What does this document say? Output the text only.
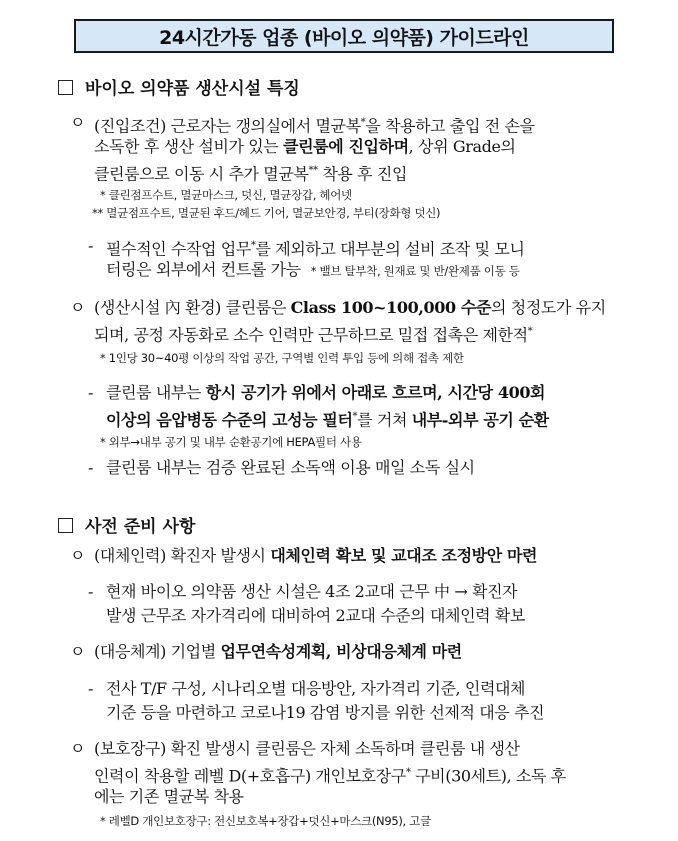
24시간가동 업종 (바이오 의약품) 가이드라인
바이오 의약품 생산시설 특징
ㅇ (진입조건) 근로자는 갱의실에서 멸균복*을 착용하고 출입 전 손을
소독한 후 생산 설비가 있는 클린룸에 진입하며, 상위 Grade의
클린룸으로 이동 시 추가 멸균복** 착용 후 진입
* 클린점프수트, 멸균마스크, 덧신, 멸균장갑, 헤어넷
** 멸균점프수트, 멸균된 후드/헤드 기어, 멸균보안경, 부티(장화형 덧신)
- 필수적인 수작업 업무*를 제외하고 대부분의 설비 조작 및 모니
터링은 외부에서 컨트롤 가능 * 밸브 탈부착, 원재료 및 반/완제품 이동 등
ㅇ (생산시설 內 환경) 클린룸은 Class 100~100,000 수준의 청정도가 유지
되며, 공정 자동화로 소수 인력만 근무하므로 밀접 접촉은 제한적*
* 1인당 30~40평 이상의 작업 공간, 구역별 인력 투입 등에 의해 접촉 제한
- 클린룸 내부는 항시 공기가 위에서 아래로 흐르며, 시간당 400회
이상의 음압병동 수준의 고성능 필터*를 거쳐 내부-외부 공기 순환
* 외부→내부 공기 및 내부 순환공기에 HEPA필터 사용
- 클린룸 내부는 검증 완료된 소독액 이용 매일 소독 실시
사전 준비 사항
ㅇ (대체인력) 확진자 발생시 대체인력 확보 및 교대조 조정방안 마련
- 현재 바이오 의약품 생산 시설은 4조 2교대 근무 中 → 확진자
발생 근무조 자가격리에 대비하여 2교대 수준의 대체인력 확보
ㅇ (대응체계) 기업별 업무연속성계획, 비상대응체계 마련
- 전사 T/F 구성, 시나리오별 대응방안, 자가격리 기준, 인력대체
기준 등을 마련하고 코로나19 감염 방지를 위한 선제적 대응 추진
ㅇ (보호장구) 확진 발생시 클린룸은 자체 소독하며 클린룸 내 생산
인력이 착용할 레벨 D(+호흡구) 개인보호장구* 구비(30세트), 소독 후
에는 기존 멸균복 착용
* 레벨D 개인보호장구: 전신보호복+장갑+덧신+마스크(N95), 고글
